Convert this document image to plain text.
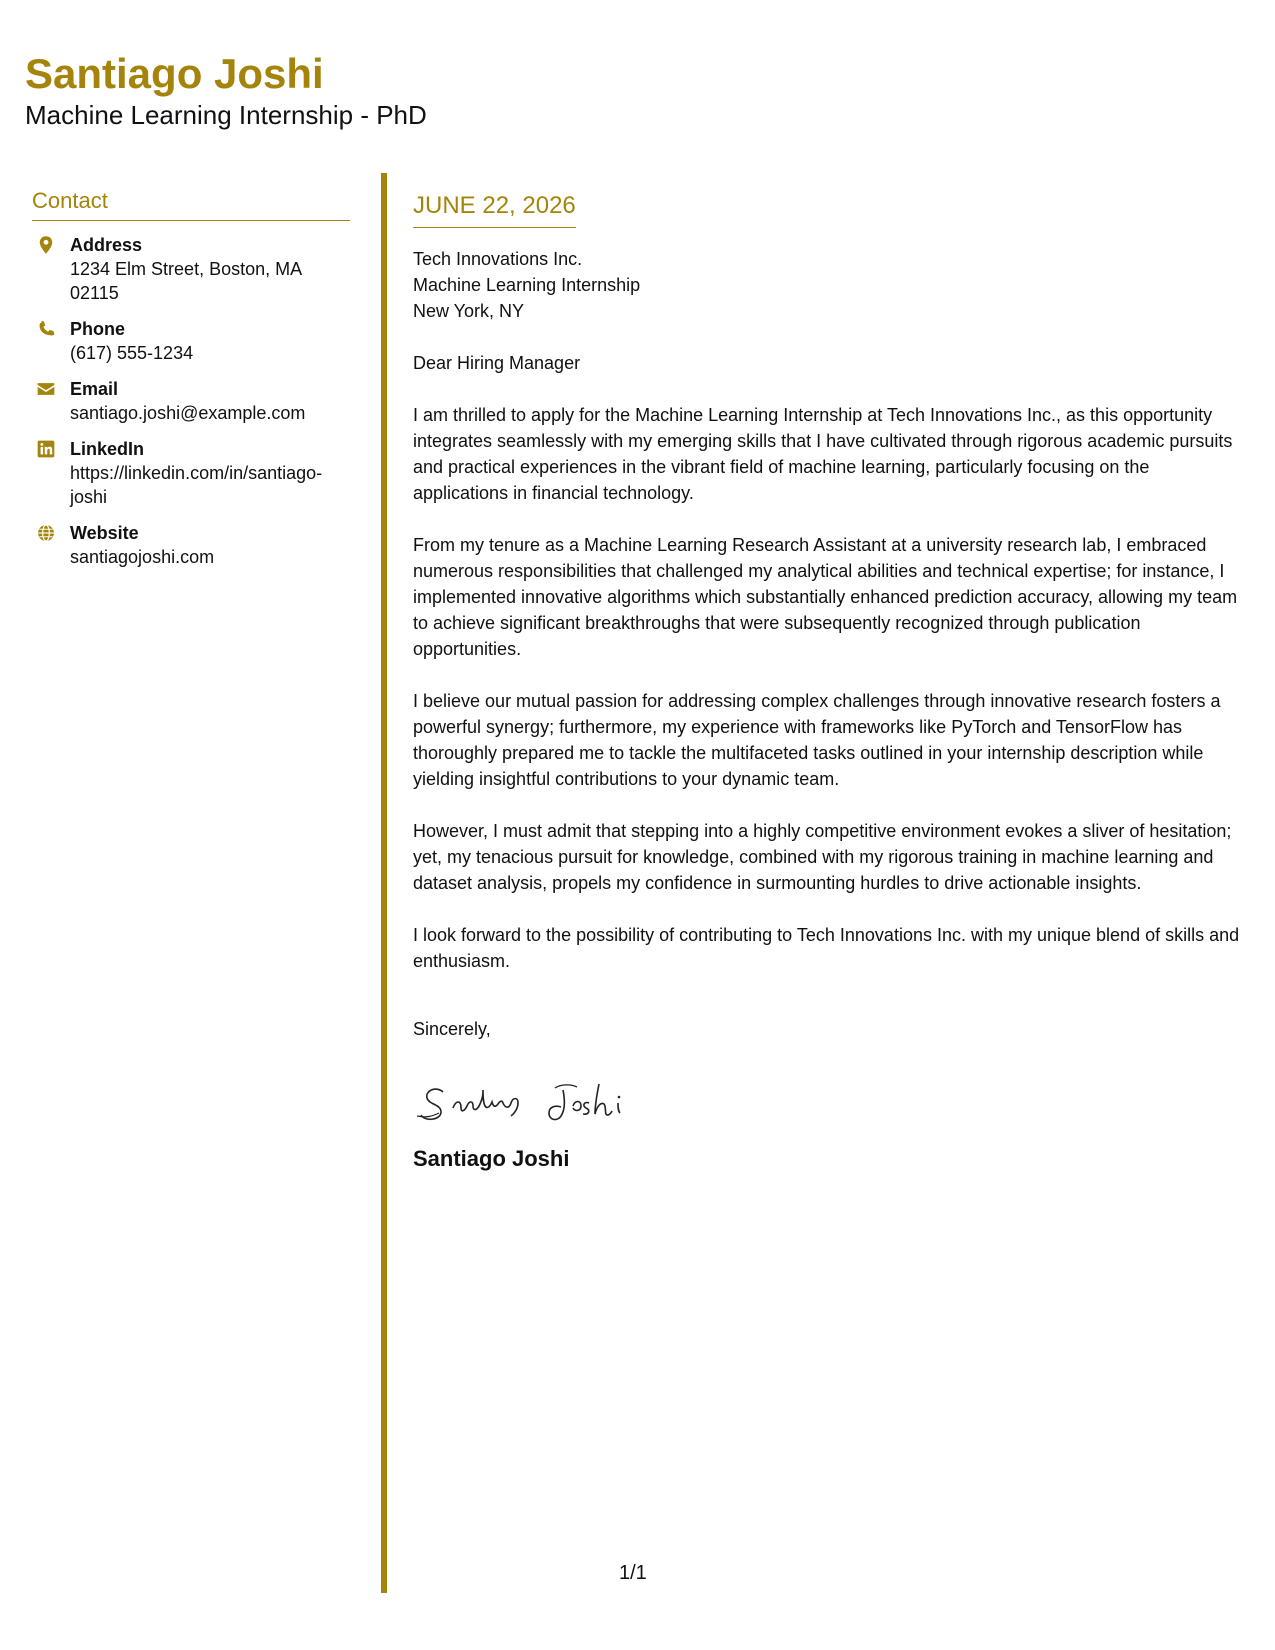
Santiago Joshi
Machine Learning Internship - PhD
Contact
Address
1234 Elm Street, Boston, MA 02115
Phone
(617) 555-1234
Email
santiago.joshi@example.com
LinkedIn
https://linkedin.com/in/santiago-joshi
Website
santiagojoshi.com
JUNE 22, 2026
Tech Innovations Inc.
Machine Learning Internship
New York, NY
Dear Hiring Manager

I am thrilled to apply for the Machine Learning Internship at Tech Innovations Inc., as this opportunity integrates seamlessly with my emerging skills that I have cultivated through rigorous academic pursuits and practical experiences in the vibrant field of machine learning, particularly focusing on the applications in financial technology.

From my tenure as a Machine Learning Research Assistant at a university research lab, I embraced numerous responsibilities that challenged my analytical abilities and technical expertise; for instance, I implemented innovative algorithms which substantially enhanced prediction accuracy, allowing my team to achieve significant breakthroughs that were subsequently recognized through publication opportunities.

I believe our mutual passion for addressing complex challenges through innovative research fosters a powerful synergy; furthermore, my experience with frameworks like PyTorch and TensorFlow has thoroughly prepared me to tackle the multifaceted tasks outlined in your internship description while yielding insightful contributions to your dynamic team.

However, I must admit that stepping into a highly competitive environment evokes a sliver of hesitation; yet, my tenacious pursuit for knowledge, combined with my rigorous training in machine learning and dataset analysis, propels my confidence in surmounting hurdles to drive actionable insights.

I look forward to the possibility of contributing to Tech Innovations Inc. with my unique blend of skills and enthusiasm.

Sincerely,
Santiago Joshi
1/1
